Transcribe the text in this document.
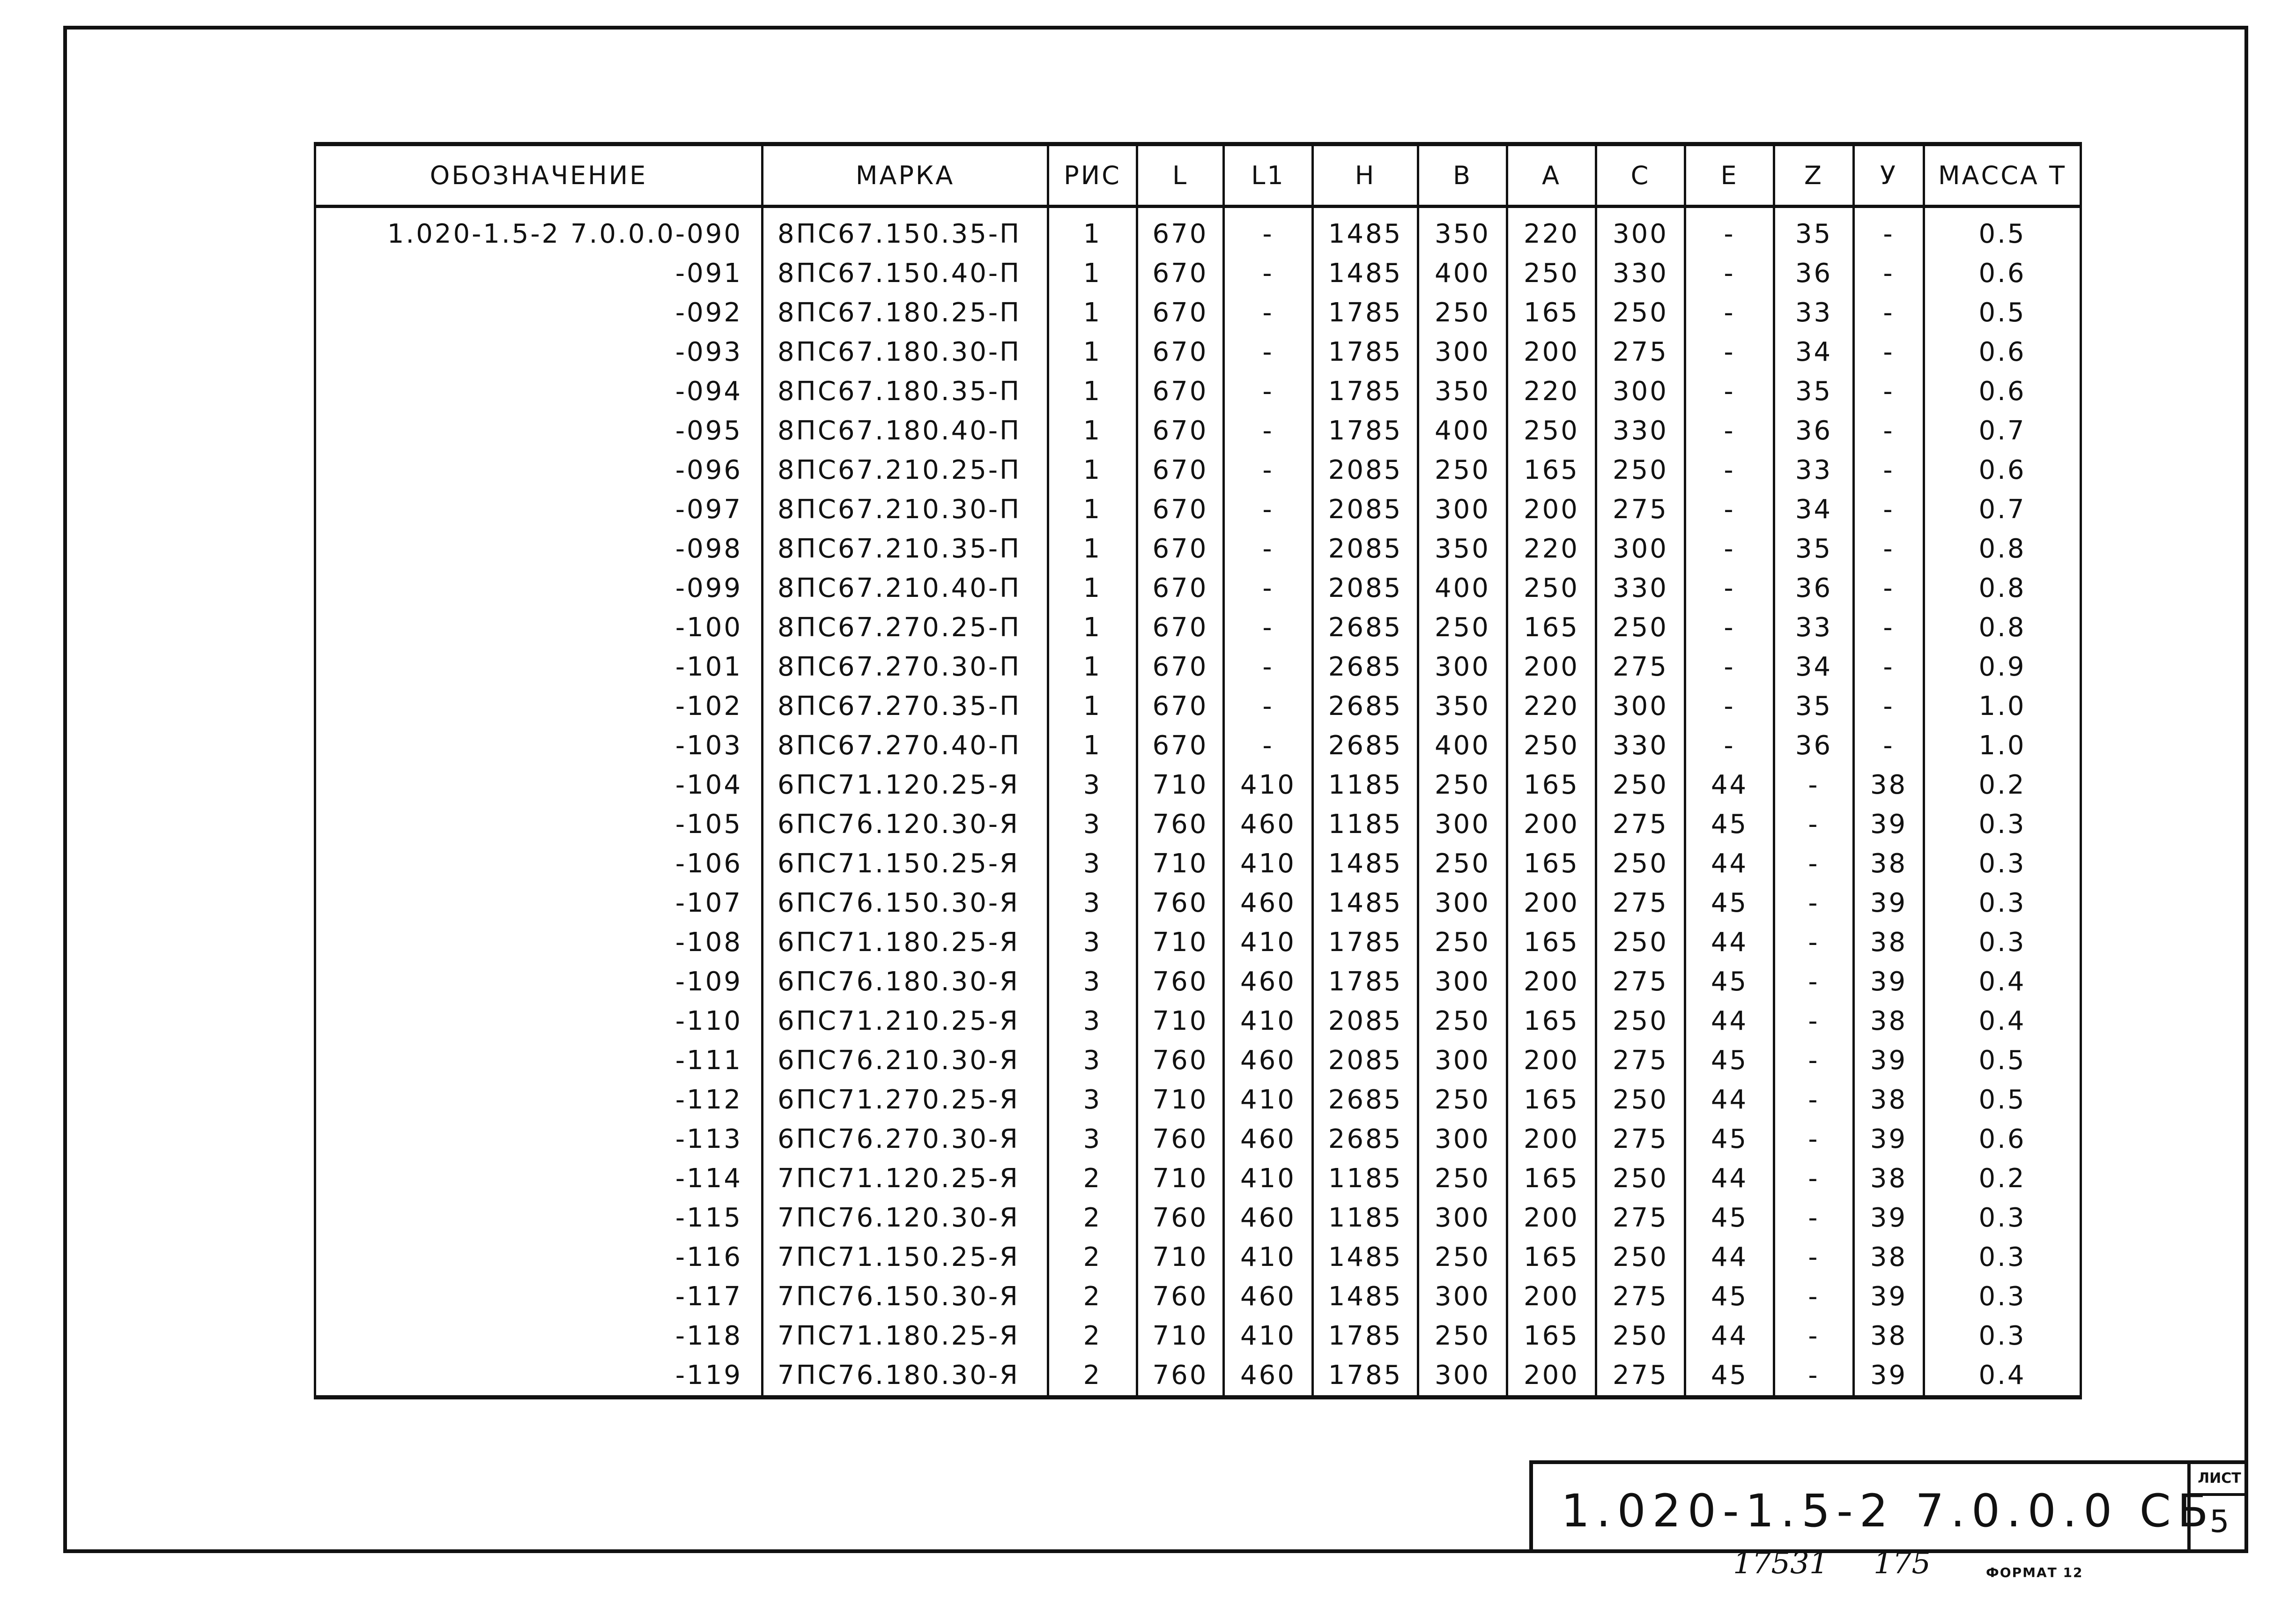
ОБОЗНАЧЕНИЕ	МАРКА	РИС	L	L1	Н	В	А	С	Е	Z	У	МАССА Т
1.020-1.5-2 7.0.0.0-090	8ПС67.150.35-П	1	670	-	1485	350	220	300	-	35	-	0.5
-091	8ПС67.150.40-П	1	670	-	1485	400	250	330	-	36	-	0.6
-092	8ПС67.180.25-П	1	670	-	1785	250	165	250	-	33	-	0.5
-093	8ПС67.180.30-П	1	670	-	1785	300	200	275	-	34	-	0.6
-094	8ПС67.180.35-П	1	670	-	1785	350	220	300	-	35	-	0.6
-095	8ПС67.180.40-П	1	670	-	1785	400	250	330	-	36	-	0.7
-096	8ПС67.210.25-П	1	670	-	2085	250	165	250	-	33	-	0.6
-097	8ПС67.210.30-П	1	670	-	2085	300	200	275	-	34	-	0.7
-098	8ПС67.210.35-П	1	670	-	2085	350	220	300	-	35	-	0.8
-099	8ПС67.210.40-П	1	670	-	2085	400	250	330	-	36	-	0.8
-100	8ПС67.270.25-П	1	670	-	2685	250	165	250	-	33	-	0.8
-101	8ПС67.270.30-П	1	670	-	2685	300	200	275	-	34	-	0.9
-102	8ПС67.270.35-П	1	670	-	2685	350	220	300	-	35	-	1.0
-103	8ПС67.270.40-П	1	670	-	2685	400	250	330	-	36	-	1.0
-104	6ПС71.120.25-Я	3	710	410	1185	250	165	250	44	-	38	0.2
-105	6ПС76.120.30-Я	3	760	460	1185	300	200	275	45	-	39	0.3
-106	6ПС71.150.25-Я	3	710	410	1485	250	165	250	44	-	38	0.3
-107	6ПС76.150.30-Я	3	760	460	1485	300	200	275	45	-	39	0.3
-108	6ПС71.180.25-Я	3	710	410	1785	250	165	250	44	-	38	0.3
-109	6ПС76.180.30-Я	3	760	460	1785	300	200	275	45	-	39	0.4
-110	6ПС71.210.25-Я	3	710	410	2085	250	165	250	44	-	38	0.4
-111	6ПС76.210.30-Я	3	760	460	2085	300	200	275	45	-	39	0.5
-112	6ПС71.270.25-Я	3	710	410	2685	250	165	250	44	-	38	0.5
-113	6ПС76.270.30-Я	3	760	460	2685	300	200	275	45	-	39	0.6
-114	7ПС71.120.25-Я	2	710	410	1185	250	165	250	44	-	38	0.2
-115	7ПС76.120.30-Я	2	760	460	1185	300	200	275	45	-	39	0.3
-116	7ПС71.150.25-Я	2	710	410	1485	250	165	250	44	-	38	0.3
-117	7ПС76.150.30-Я	2	760	460	1485	300	200	275	45	-	39	0.3
-118	7ПС71.180.25-Я	2	710	410	1785	250	165	250	44	-	38	0.3
-119	7ПС76.180.30-Я	2	760	460	1785	300	200	275	45	-	39	0.4
1.020-1.5-2 7.0.0.0 СБ
ЛИСТ
5
17531 175	ФОРМАТ 12
